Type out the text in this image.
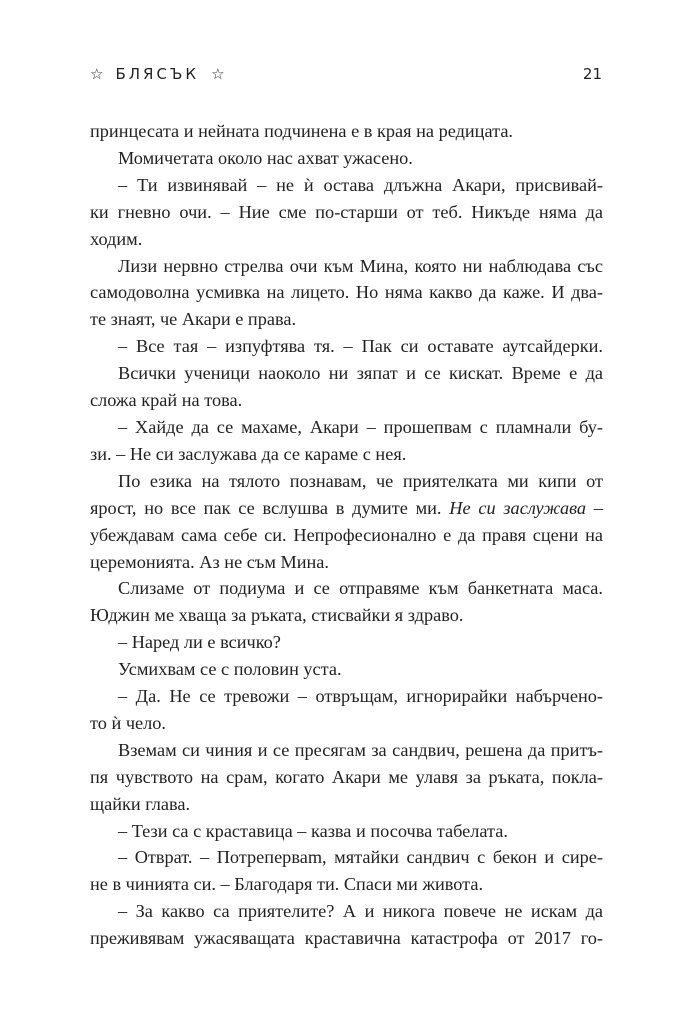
☆ БЛЯСЪК ☆	21

принцесата и нейната подчинена е в края на редицата.

Момичетата около нас ахват ужасено.

– Ти извинявай – не ѝ остава длъжна Акари, присвивай-
ки гневно очи. – Ние сме по-старши от теб. Никъде няма да
ходим.

Лизи нервно стрелва очи към Мина, която ни наблюдава със
самодоволна усмивка на лицето. Но няма какво да каже. И два-
те знаят, че Акари е права.

– Все тая – изпуфтява тя. – Пак си оставате аутсайдерки.

Всички ученици наоколо ни зяпат и се кискат. Време е да
сложа край на това.

– Хайде да се махаме, Акари – прошепвам с пламнали бу-
зи. – Не си заслужава да се караме с нея.

По езика на тялото познавам, че приятелката ми кипи от
ярост, но все пак се вслушва в думите ми. Не си заслужава –
убеждавам сама себе си. Непрофесионално е да правя сцени на
церемонията. Аз не съм Мина.

Слизаме от подиума и се отправяме към банкетната маса.
Юджин ме хваща за ръката, стисвайки я здраво.

– Наред ли е всичко?

Усмихвам се с половин уста.

– Да. Не се тревожи – отвръщам, игнорирайки набърчено-
то ѝ чело.

Вземам си чиния и се пресягам за сандвич, решена да притъ-
пя чувството на срам, когато Акари ме улавя за ръката, покла-
щайки глава.

– Тези са с краставица – казва и посочва табелата.

– Отврат. – Потреперваm, мятайки сандвич с бекон и сире-
не в чинията си. – Благодаря ти. Спаси ми живота.

– За какво са приятелите? А и никога повече не искам да
преживявам ужасяващата краставична катастрофа от 2017 го-
